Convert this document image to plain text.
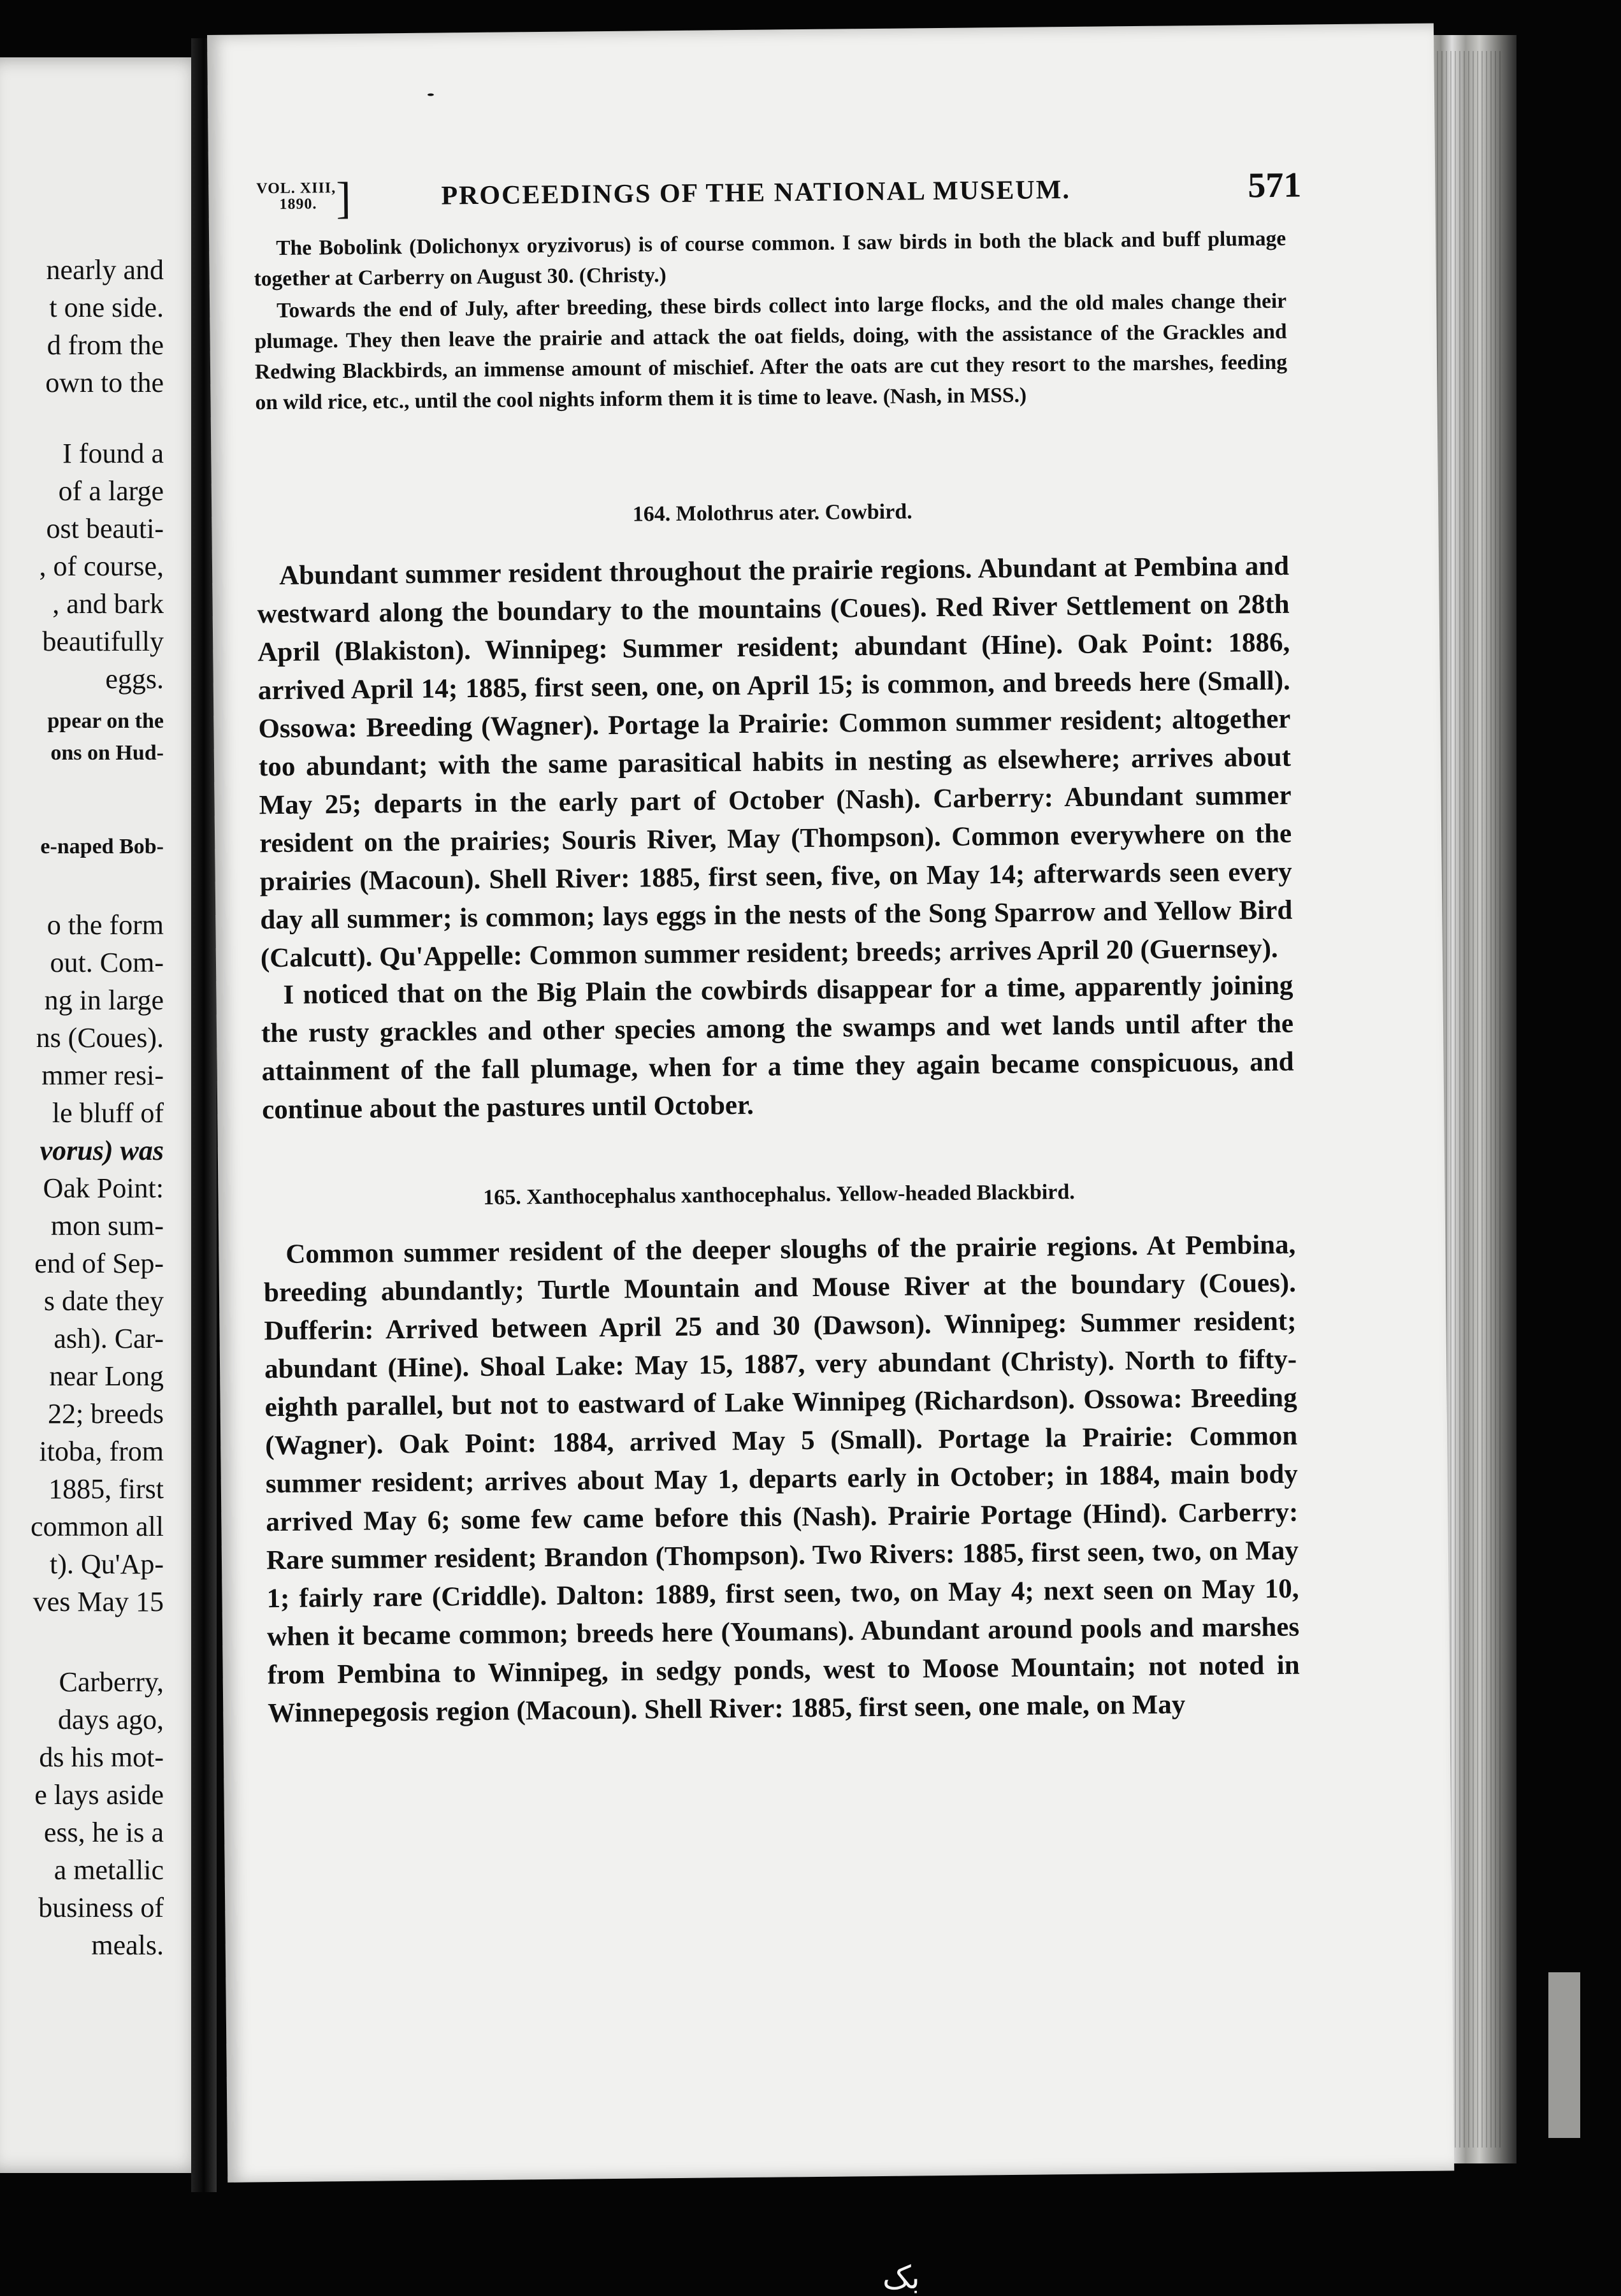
nearly and
t one side.
d from the
own to the
I found a
of a large
ost beauti-
, of course,
, and bark
beautifully
eggs.
ppear on the
ons on Hud-
e-naped Bob-
o the form
out. Com-
ng in large
ns (Coues).
mmer resi-
le bluff of
vorus) was
Oak Point:
mon sum-
end of Sep-
s date they
ash). Car-
near Long
22; breeds
itoba, from
1885, first
common all
t). Qu'Ap-
ves May 15
Carberry,
days ago,
ds his mot-
e lays aside
ess, he is a
a metallic
business of
meals.
VOL. XIII,
1890. ]	PROCEEDINGS OF THE NATIONAL MUSEUM.	571
The Bobolink (Dolichonyx oryzivorus) is of course common. I saw birds in both the black and buff plumage together at Carberry on August 30. (Christy.)
Towards the end of July, after breeding, these birds collect into large flocks, and the old males change their plumage. They then leave the prairie and attack the oat fields, doing, with the assistance of the Grackles and Redwing Blackbirds, an immense amount of mischief. After the oats are cut they resort to the marshes, feeding on wild rice, etc., until the cool nights inform them it is time to leave. (Nash, in MSS.)
164. Molothrus ater. Cowbird.
Abundant summer resident throughout the prairie regions. Abundant at Pembina and westward along the boundary to the mountains (Coues). Red River Settlement on 28th April (Blakiston). Winnipeg: Summer resident; abundant (Hine). Oak Point: 1886, arrived April 14; 1885, first seen, one, on April 15; is common, and breeds here (Small). Ossowa: Breeding (Wagner). Portage la Prairie: Common summer resident; altogether too abundant; with the same parasitical habits in nesting as elsewhere; arrives about May 25; departs in the early part of October (Nash). Carberry: Abundant summer resident on the prairies; Souris River, May (Thompson). Common everywhere on the prairies (Macoun). Shell River: 1885, first seen, five, on May 14; afterwards seen every day all summer; is common; lays eggs in the nests of the Song Sparrow and Yellow Bird (Calcutt). Qu'Appelle: Common summer resident; breeds; arrives April 20 (Guernsey).
I noticed that on the Big Plain the cowbirds disappear for a time, apparently joining the rusty grackles and other species among the swamps and wet lands until after the attainment of the fall plumage, when for a time they again became conspicuous, and continue about the pastures until October.
165. Xanthocephalus xanthocephalus. Yellow-headed Blackbird.
Common summer resident of the deeper sloughs of the prairie regions. At Pembina, breeding abundantly; Turtle Mountain and Mouse River at the boundary (Coues). Dufferin: Arrived between April 25 and 30 (Dawson). Winnipeg: Summer resident; abundant (Hine). Shoal Lake: May 15, 1887, very abundant (Christy). North to fifty-eighth parallel, but not to eastward of Lake Winnipeg (Richardson). Ossowa: Breeding (Wagner). Oak Point: 1884, arrived May 5 (Small). Portage la Prairie: Common summer resident; arrives about May 1, departs early in October; in 1884, main body arrived May 6; some few came before this (Nash). Prairie Portage (Hind). Carberry: Rare summer resident; Brandon (Thompson). Two Rivers: 1885, first seen, two, on May 1; fairly rare (Criddle). Dalton: 1889, first seen, two, on May 4; next seen on May 10, when it became common; breeds here (Youmans). Abundant around pools and marshes from Pembina to Winnipeg, in sedgy ponds, west to Moose Mountain; not noted in Winnepegosis region (Macoun). Shell River: 1885, first seen, one male, on May
بک
